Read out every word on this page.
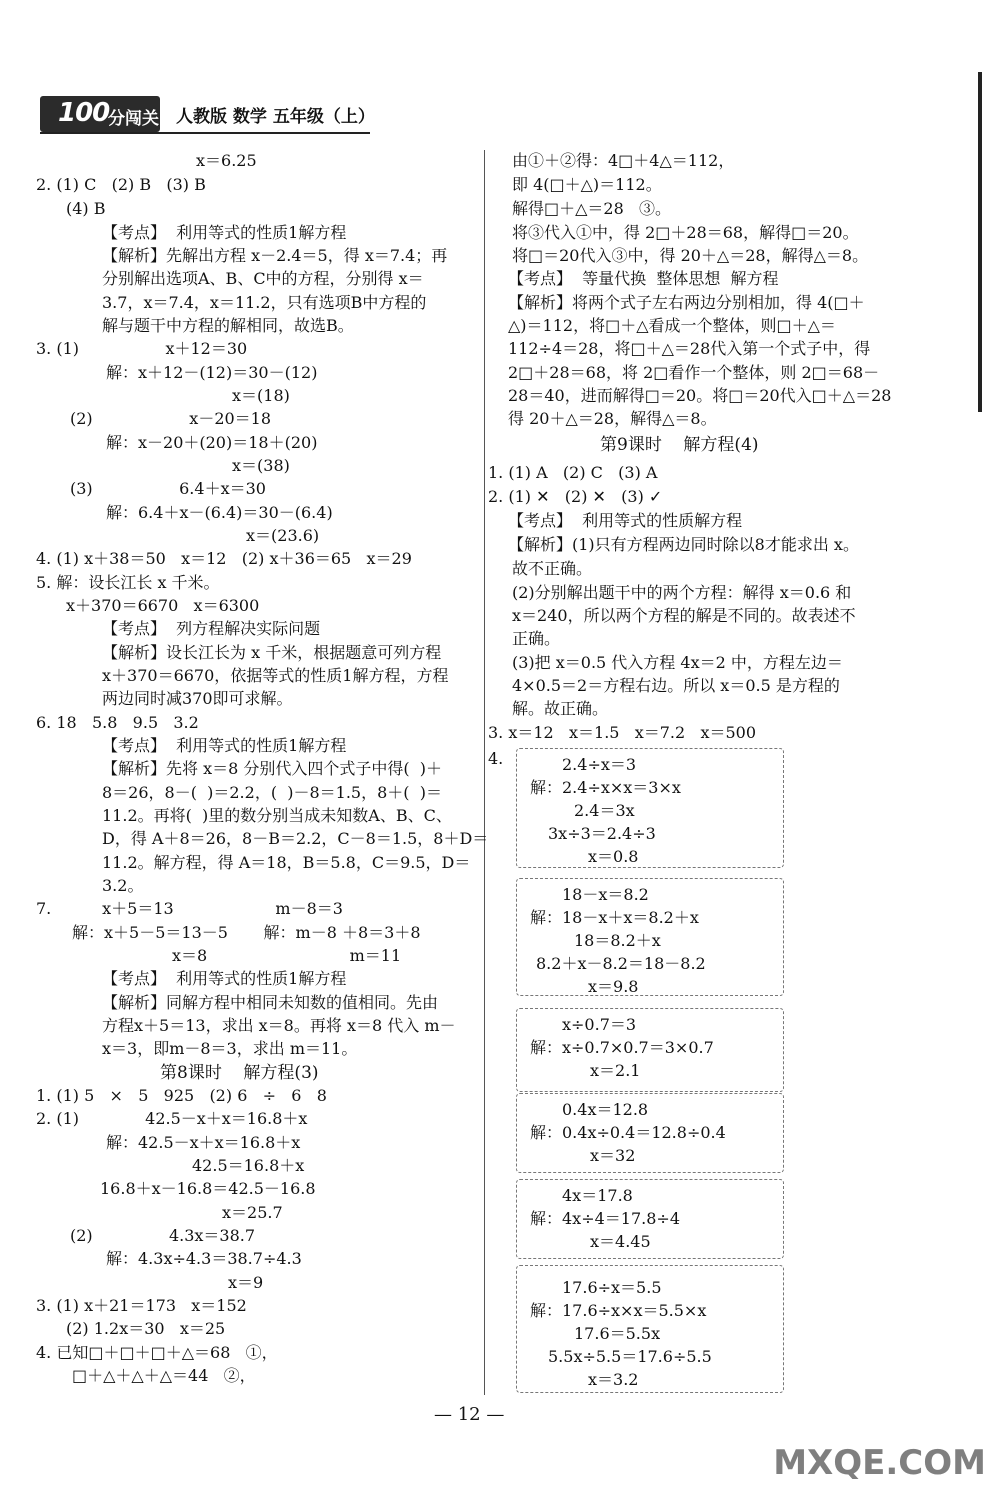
100
分闯关 人教版 数学 五年级（上）
x＝6.25
2. (1) C   (2) B   (3) B
(4) B
【考点】  利用等式的性质1解方程
【解析】先解出方程 x－2.4＝5，得 x＝7.4；再
分别解出选项A、B、C中的方程，分别得 x＝
3.7，x＝7.4，x＝11.2，只有选项B中方程的
解与题干中方程的解相同，故选B。
3. (1)                 x＋12＝30
解：x＋12－(12)＝30－(12)
x＝(18)
(2)                   x－20＝18
解：x－20＋(20)＝18＋(20)
x＝(38)
(3)                 6.4＋x＝30
解：6.4＋x－(6.4)＝30－(6.4)
x＝(23.6)
4. (1) x＋38＝50   x＝12   (2) x＋36＝65   x＝29
5. 解：设长江长 x 千米。
x＋370＝6670   x＝6300
【考点】  列方程解决实际问题
【解析】设长江长为 x 千米，根据题意可列方程
x＋370＝6670，依据等式的性质1解方程，方程
两边同时减370即可求解。
6. 18   5.8   9.5   3.2
【考点】  利用等式的性质1解方程
【解析】先将 x＝8 分别代入四个式子中得(  )＋
8＝26，8－(  )＝2.2，(  )－8＝1.5，8＋(  )＝
11.2。再将(  )里的数分别当成未知数A、B、C、
D，得 A＋8＝26，8－B＝2.2，C－8＝1.5，8＋D＝
11.2。解方程，得 A＝18，B＝5.8，C＝9.5，D＝
3.2。
7.          x＋5＝13                    m－8＝3
解：x＋5－5＝13－5       解：m－8 ＋8＝3＋8
x＝8                            m＝11
【考点】  利用等式的性质1解方程
【解析】同解方程中相同未知数的值相同。先由
方程x＋5＝13，求出 x＝8。再将 x＝8 代入 m－
x＝3，即m－8＝3，求出 m＝11。
第8课时    解方程(3)
1. (1) 5   ×   5   925   (2) 6   ÷   6   8
2. (1)             42.5－x＋x＝16.8＋x
解：42.5－x＋x＝16.8＋x
42.5＝16.8＋x
16.8＋x－16.8＝42.5－16.8
x＝25.7
(2)               4.3x＝38.7
解：4.3x÷4.3＝38.7÷4.3
x＝9
3. (1) x＋21＝173   x＝152
(2) 1.2x＝30   x＝25
4. 已知□＋□＋□＋△＝68   ①，
□＋△＋△＋△＝44   ②，
由①＋②得：4□＋4△＝112，
即 4(□＋△)＝112。
解得□＋△＝28   ③。
将③代入①中，得 2□＋28＝68，解得□＝20。
将□＝20代入③中，得 20＋△＝28，解得△＝8。
【考点】  等量代换  整体思想  解方程
【解析】将两个式子左右两边分别相加，得 4(□＋
△)＝112，将□＋△看成一个整体，则□＋△＝
112÷4＝28，将□＋△＝28代入第一个式子中，得
2□＋28＝68，将 2□看作一个整体，则 2□＝68－
28＝40，进而解得□＝20。将□＝20代入□＋△＝28
得 20＋△＝28，解得△＝8。
第9课时    解方程(4)
1. (1) A   (2) C   (3) A
2. (1) ✕   (2) ✕   (3) ✓
【考点】  利用等式的性质解方程
【解析】(1)只有方程两边同时除以8才能求出 x。
故不正确。
(2)分别解出题干中的两个方程：解得 x＝0.6 和
x＝240，所以两个方程的解是不同的。故表述不
正确。
(3)把 x＝0.5 代入方程 4x＝2 中，方程左边＝
4×0.5＝2＝方程右边。所以 x＝0.5 是方程的
解。故正确。
3. x＝12   x＝1.5   x＝7.2   x＝500
4.	2.4÷x＝3
解：2.4÷x×x＝3×x
2.4＝3x
3x÷3＝2.4÷3
x＝0.8
18－x＝8.2
解：18－x＋x＝8.2＋x
18＝8.2＋x
8.2＋x－8.2＝18－8.2
x＝9.8
x÷0.7＝3
解：x÷0.7×0.7＝3×0.7
x＝2.1
0.4x＝12.8
解：0.4x÷0.4＝12.8÷0.4
x＝32
4x＝17.8
解：4x÷4＝17.8÷4
x＝4.45
17.6÷x＝5.5
解：17.6÷x×x＝5.5×x
17.6＝5.5x
5.5x÷5.5＝17.6÷5.5
x＝3.2
— 12 —
MXQE.COM
